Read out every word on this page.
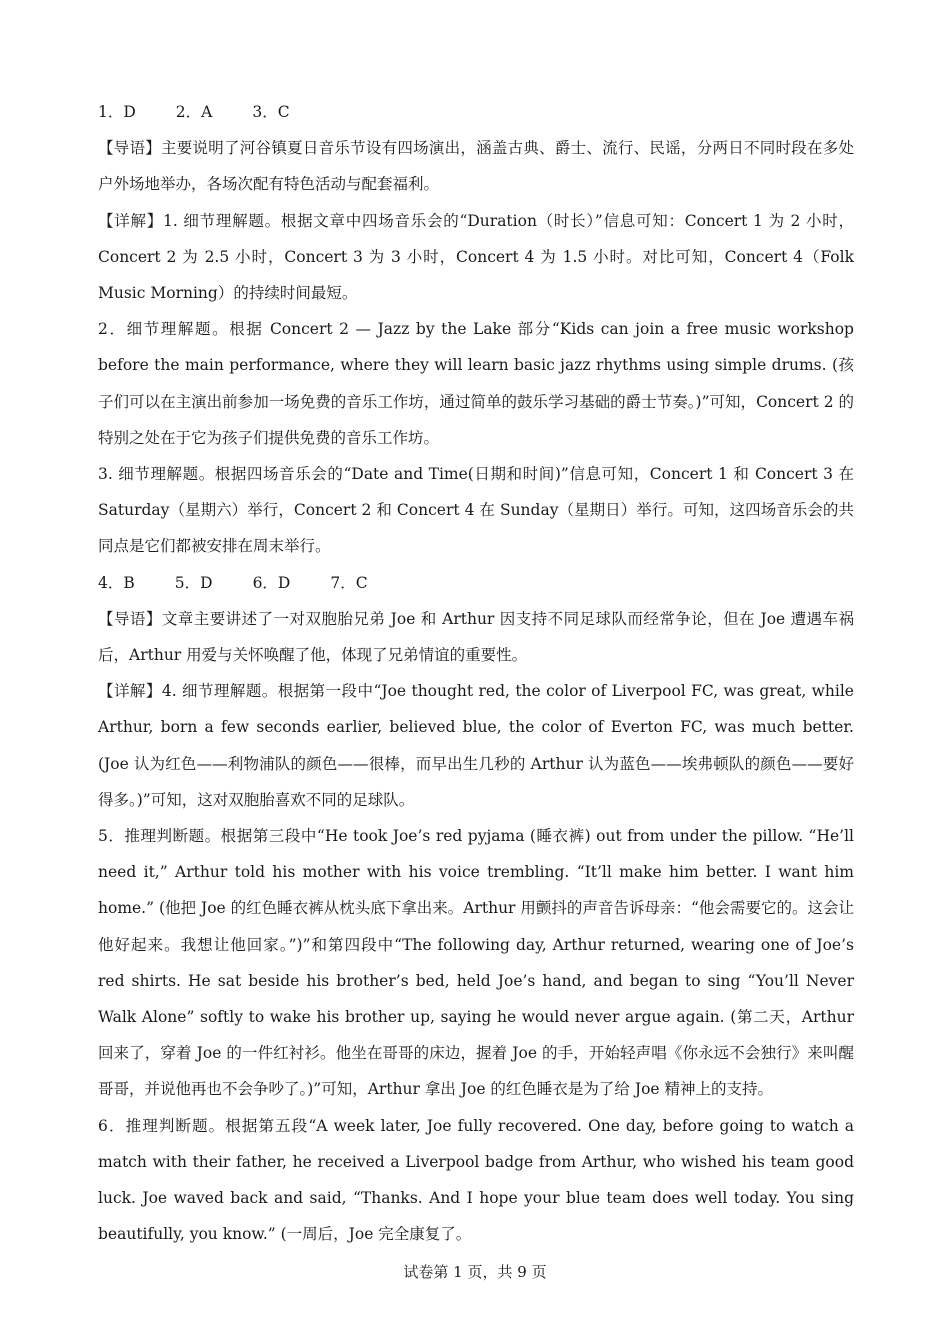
1．D	2．A	3．C

【导语】主要说明了河谷镇夏日音乐节设有四场演出，涵盖古典、爵士、流行、民谣，分两日不同时段在多处户外场地举办，各场次配有特色活动与配套福利。

【详解】1. 细节理解题。根据文章中四场音乐会的“Duration（时长）”信息可知：Concert 1 为 2 小时，Concert 2 为 2.5 小时，Concert 3 为 3 小时，Concert 4 为 1.5 小时。对比可知，Concert 4（Folk Music Morning）的持续时间最短。

2．细节理解题。根据 Concert 2 — Jazz by the Lake 部分“Kids can join a free music workshop before the main performance, where they will learn basic jazz rhythms using simple drums. (孩子们可以在主演出前参加一场免费的音乐工作坊，通过简单的鼓乐学习基础的爵士节奏。)”可知，Concert 2 的特别之处在于它为孩子们提供免费的音乐工作坊。

3. 细节理解题。根据四场音乐会的“Date and Time(日期和时间)”信息可知，Concert 1 和 Concert 3 在 Saturday（星期六）举行，Concert 2 和 Concert 4 在 Sunday（星期日）举行。可知，这四场音乐会的共同点是它们都被安排在周末举行。

4．B	5．D	6．D	7．C

【导语】文章主要讲述了一对双胞胎兄弟 Joe 和 Arthur 因支持不同足球队而经常争论，但在 Joe 遭遇车祸后，Arthur 用爱与关怀唤醒了他，体现了兄弟情谊的重要性。

【详解】4. 细节理解题。根据第一段中“Joe thought red, the color of Liverpool FC, was great, while Arthur, born a few seconds earlier, believed blue, the color of Everton FC, was much better. (Joe 认为红色——利物浦队的颜色——很棒，而早出生几秒的 Arthur 认为蓝色——埃弗顿队的颜色——要好得多。)”可知，这对双胞胎喜欢不同的足球队。

5．推理判断题。根据第三段中“He took Joe’s red pyjama (睡衣裤) out from under the pillow. “He’ll need it,” Arthur told his mother with his voice trembling. “It’ll make him better. I want him home.” (他把 Joe 的红色睡衣裤从枕头底下拿出来。Arthur 用颤抖的声音告诉母亲：“他会需要它的。这会让他好起来。我想让他回家。”)”和第四段中“The following day, Arthur returned, wearing one of Joe’s red shirts. He sat beside his brother’s bed, held Joe’s hand, and began to sing “You’ll Never Walk Alone” softly to wake his brother up, saying he would never argue again. (第二天，Arthur 回来了，穿着 Joe 的一件红衬衫。他坐在哥哥的床边，握着 Joe 的手，开始轻声唱《你永远不会独行》来叫醒哥哥，并说他再也不会争吵了。)”可知，Arthur 拿出 Joe 的红色睡衣是为了给 Joe 精神上的支持。

6．推理判断题。根据第五段“A week later, Joe fully recovered. One day, before going to watch a match with their father, he received a Liverpool badge from Arthur, who wished his team good luck. Joe waved back and said, “Thanks. And I hope your blue team does well today. You sing beautifully, you know.” (一周后，Joe 完全康复了。

试卷第 1 页，共 9 页
